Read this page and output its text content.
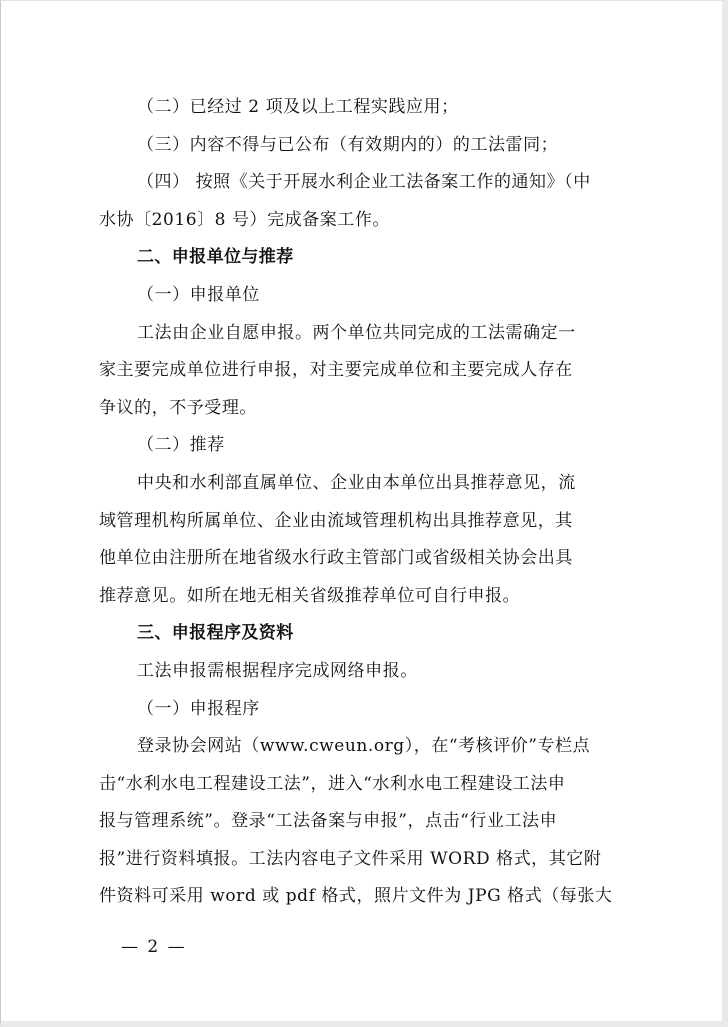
（二）已经过 2 项及以上工程实践应用；
（三）内容不得与已公布（有效期内的）的工法雷同；
（四） 按照《关于开展水利企业工法备案工作的通知》（中
水协〔2016〕8 号）完成备案工作。
二、申报单位与推荐
（一）申报单位
工法由企业自愿申报。两个单位共同完成的工法需确定一
家主要完成单位进行申报，对主要完成单位和主要完成人存在
争议的，不予受理。
（二）推荐
中央和水利部直属单位、企业由本单位出具推荐意见，流
域管理机构所属单位、企业由流域管理机构出具推荐意见，其
他单位由注册所在地省级水行政主管部门或省级相关协会出具
推荐意见。如所在地无相关省级推荐单位可自行申报。
三、申报程序及资料
工法申报需根据程序完成网络申报。
（一）申报程序
登录协会网站（www.cweun.org），在“考核评价”专栏点
击“水利水电工程建设工法”，进入“水利水电工程建设工法申
报与管理系统”。登录“工法备案与申报”，点击“行业工法申
报”进行资料填报。工法内容电子文件采用 WORD 格式，其它附
件资料可采用 word 或 pdf 格式，照片文件为 JPG 格式（每张大
— 2 —
